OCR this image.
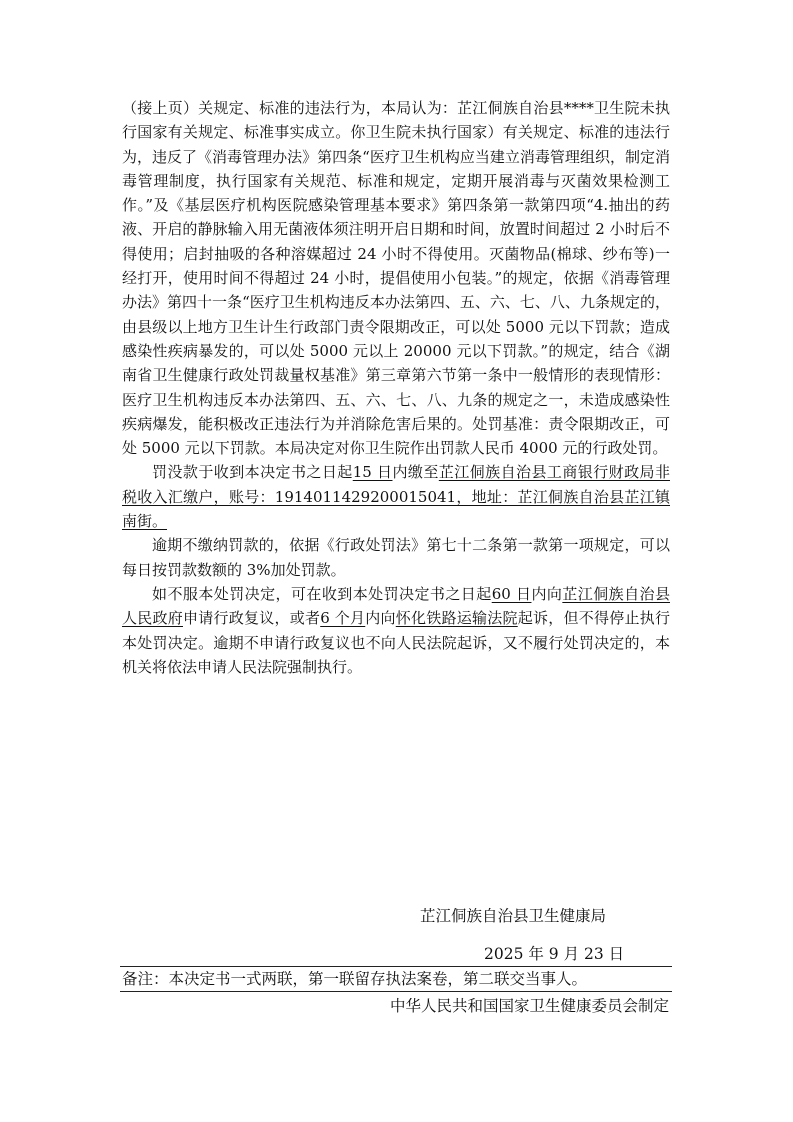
（接上页）关规定、标准的违法行为，本局认为：芷江侗族自治县****卫生院未执行国家有关规定、标准事实成立。你卫生院未执行国家）有关规定、标准的违法行为，违反了《消毒管理办法》第四条“医疗卫生机构应当建立消毒管理组织，制定消毒管理制度，执行国家有关规范、标准和规定，定期开展消毒与灭菌效果检测工作。”及《基层医疗机构医院感染管理基本要求》第四条第一款第四项“4.抽出的药液、开启的静脉输入用无菌液体须注明开启日期和时间，放置时间超过 2 小时后不得使用；启封抽吸的各种溶媒超过 24 小时不得使用。灭菌物品(棉球、纱布等)一经打开，使用时间不得超过 24 小时，提倡使用小包装。”的规定，依据《消毒管理办法》第四十一条“医疗卫生机构违反本办法第四、五、六、七、八、九条规定的，由县级以上地方卫生计生行政部门责令限期改正，可以处 5000 元以下罚款；造成感染性疾病暴发的，可以处 5000 元以上 20000 元以下罚款。”的规定，结合《湖南省卫生健康行政处罚裁量权基准》第三章第六节第一条中一般情形的表现情形：医疗卫生机构违反本办法第四、五、六、七、八、九条的规定之一，未造成感染性疾病爆发，能积极改正违法行为并消除危害后果的。处罚基准：责令限期改正，可处 5000 元以下罚款。本局决定对你卫生院作出罚款人民币 4000 元的行政处罚。

罚没款于收到本决定书之日起15 日内缴至芷江侗族自治县工商银行财政局非税收入汇缴户，账号：1914011429200015041，地址：芷江侗族自治县芷江镇南街。

逾期不缴纳罚款的，依据《行政处罚法》第七十二条第一款第一项规定，可以每日按罚款数额的 3%加处罚款。

如不服本处罚决定，可在收到本处罚决定书之日起60 日内向芷江侗族自治县人民政府申请行政复议，或者6 个月内向怀化铁路运输法院起诉，但不得停止执行本处罚决定。逾期不申请行政复议也不向人民法院起诉，又不履行处罚决定的，本机关将依法申请人民法院强制执行。

芷江侗族自治县卫生健康局
2025 年 9 月 23 日
备注：本决定书一式两联，第一联留存执法案卷，第二联交当事人。
中华人民共和国国家卫生健康委员会制定
